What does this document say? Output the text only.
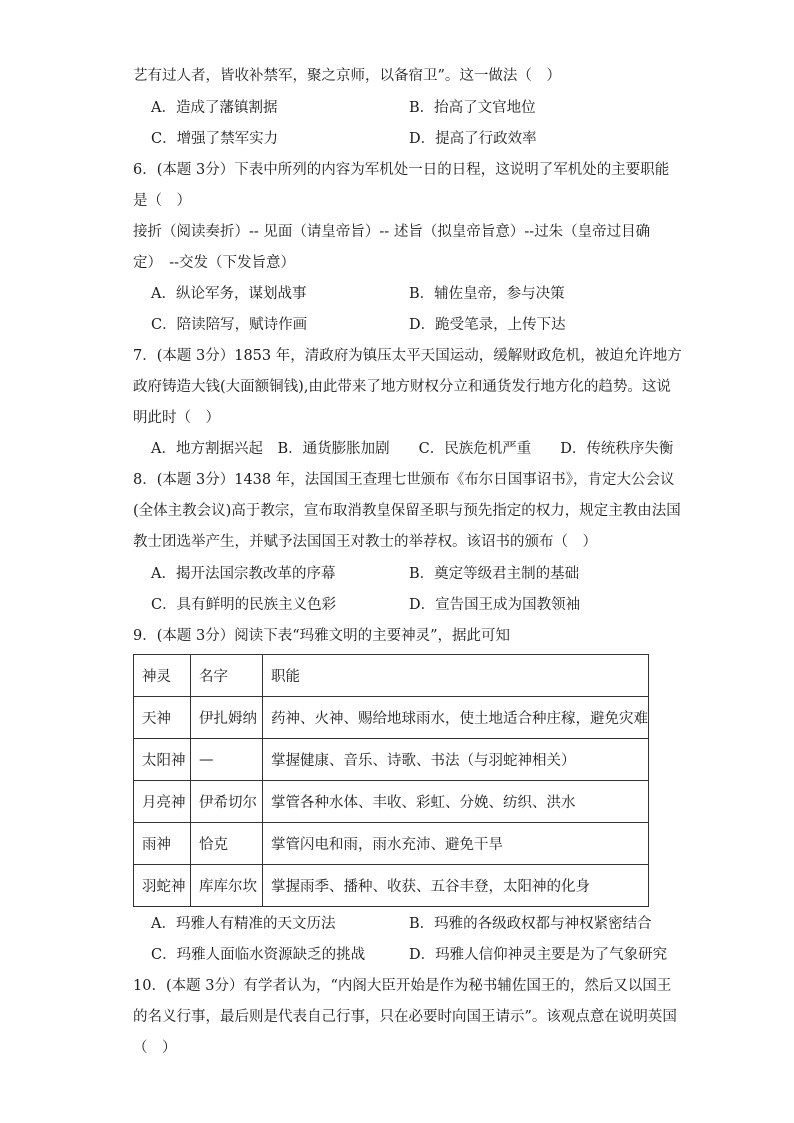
艺有过人者，皆收补禁军，聚之京师，以备宿卫”。这一做法（　）
A．造成了藩镇割据	B．抬高了文官地位
C．增强了禁军实力	D．提高了行政效率
6．(本题 3分）下表中所列的内容为军机处一日的日程，这说明了军机处的主要职能
是（　）
接折（阅读奏折）-- 见面（请皇帝旨）-- 述旨（拟皇帝旨意）--过朱（皇帝过目确
定）　--交发（下发旨意）
A．纵论军务，谋划战事	B．辅佐皇帝，参与决策
C．陪读陪写，赋诗作画	D．跪受笔录，上传下达
7．(本题 3分）1853 年，清政府为镇压太平天国运动，缓解财政危机，被迫允许地方
政府铸造大钱(大面额铜钱),由此带来了地方财权分立和通货发行地方化的趋势。这说
明此时（　）
A．地方割据兴起　B．通货膨胀加剧　　C．民族危机严重　　D．传统秩序失衡
8．(本题 3分）1438 年，法国国王查理七世颁布《布尔日国事诏书》，肯定大公会议
(全体主教会议)高于教宗，宣布取消教皇保留圣职与预先指定的权力，规定主教由法国
教士团选举产生，并赋予法国国王对教士的举荐权。该诏书的颁布（　）
A．揭开法国宗教改革的序幕	B．奠定等级君主制的基础
C．具有鲜明的民族主义色彩	D．宣告国王成为国教领袖
9．(本题 3分）阅读下表“玛雅文明的主要神灵”，据此可知
神灵	名字	职能
天神	伊扎姆纳	药神、火神、赐给地球雨水，使土地适合种庄稼，避免灾难
太阳神	—	掌握健康、音乐、诗歌、书法（与羽蛇神相关）
月亮神	伊希切尔	掌管各种水体、丰收、彩虹、分娩、纺织、洪水
雨神	恰克	掌管闪电和雨，雨水充沛、避免干旱
羽蛇神	库库尔坎	掌握雨季、播种、收获、五谷丰登，太阳神的化身
A．玛雅人有精准的天文历法	B．玛雅的各级政权都与神权紧密结合
C．玛雅人面临水资源缺乏的挑战	D．玛雅人信仰神灵主要是为了气象研究
10．(本题 3分）有学者认为，“内阁大臣开始是作为秘书辅佐国王的，然后又以国王
的名义行事，最后则是代表自己行事，只在必要时向国王请示”。该观点意在说明英国
（　）
